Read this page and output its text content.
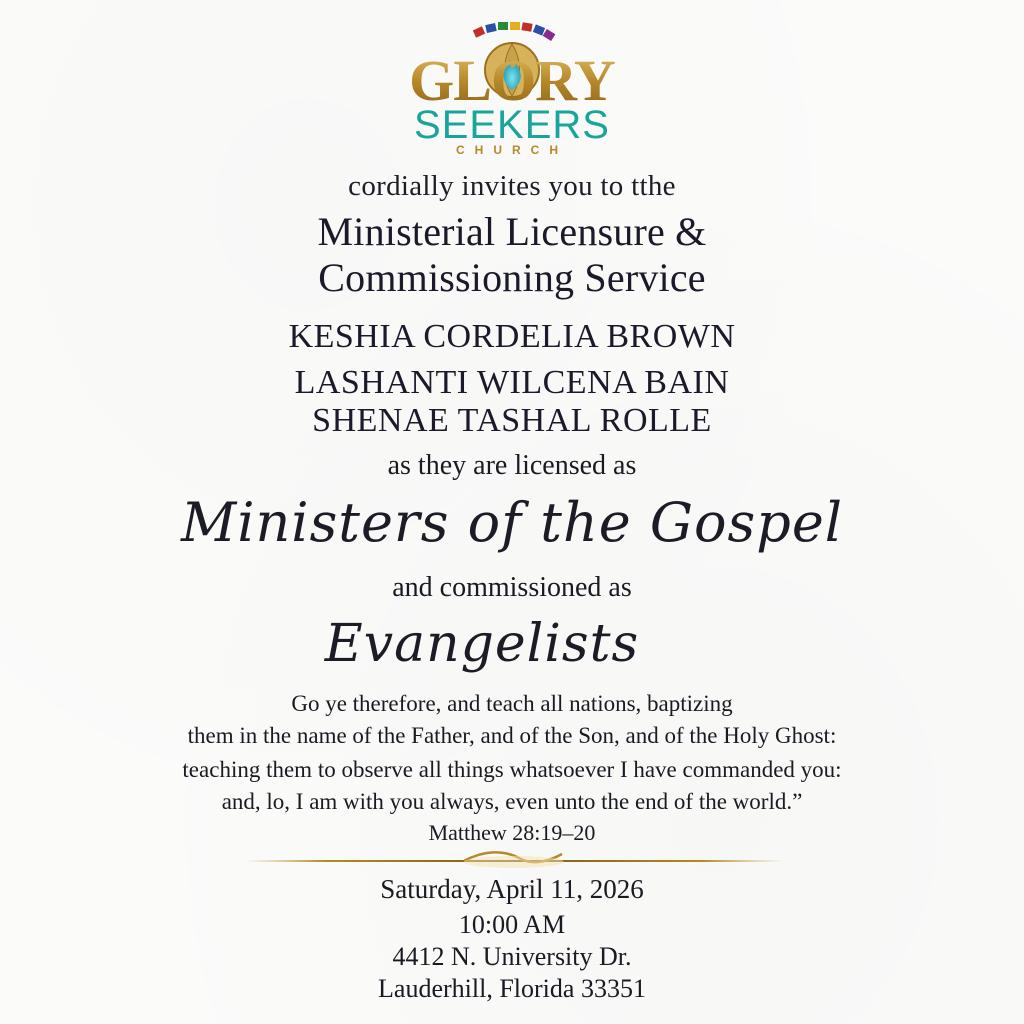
GLORY
SEEKERS
CHURCH
cordially invites you to tthe
Ministerial Licensure &
Commissioning Service
KESHIA CORDELIA BROWN
LASHANTI WILCENA BAIN
SHENAE TASHAL ROLLE
as they are licensed as
Ministers of the Gospel
and commissioned as
Evangelists
Go ye therefore, and teach all nations, baptizing
them in the name of the Father, and of the Son, and of the Holy Ghost:
teaching them to observe all things whatsoever I have commanded you:
and, lo, I am with you always, even unto the end of the world.”
Matthew 28:19–20
Saturday, April 11, 2026
10:00 AM
4412 N. University Dr.
Lauderhill, Florida 33351
